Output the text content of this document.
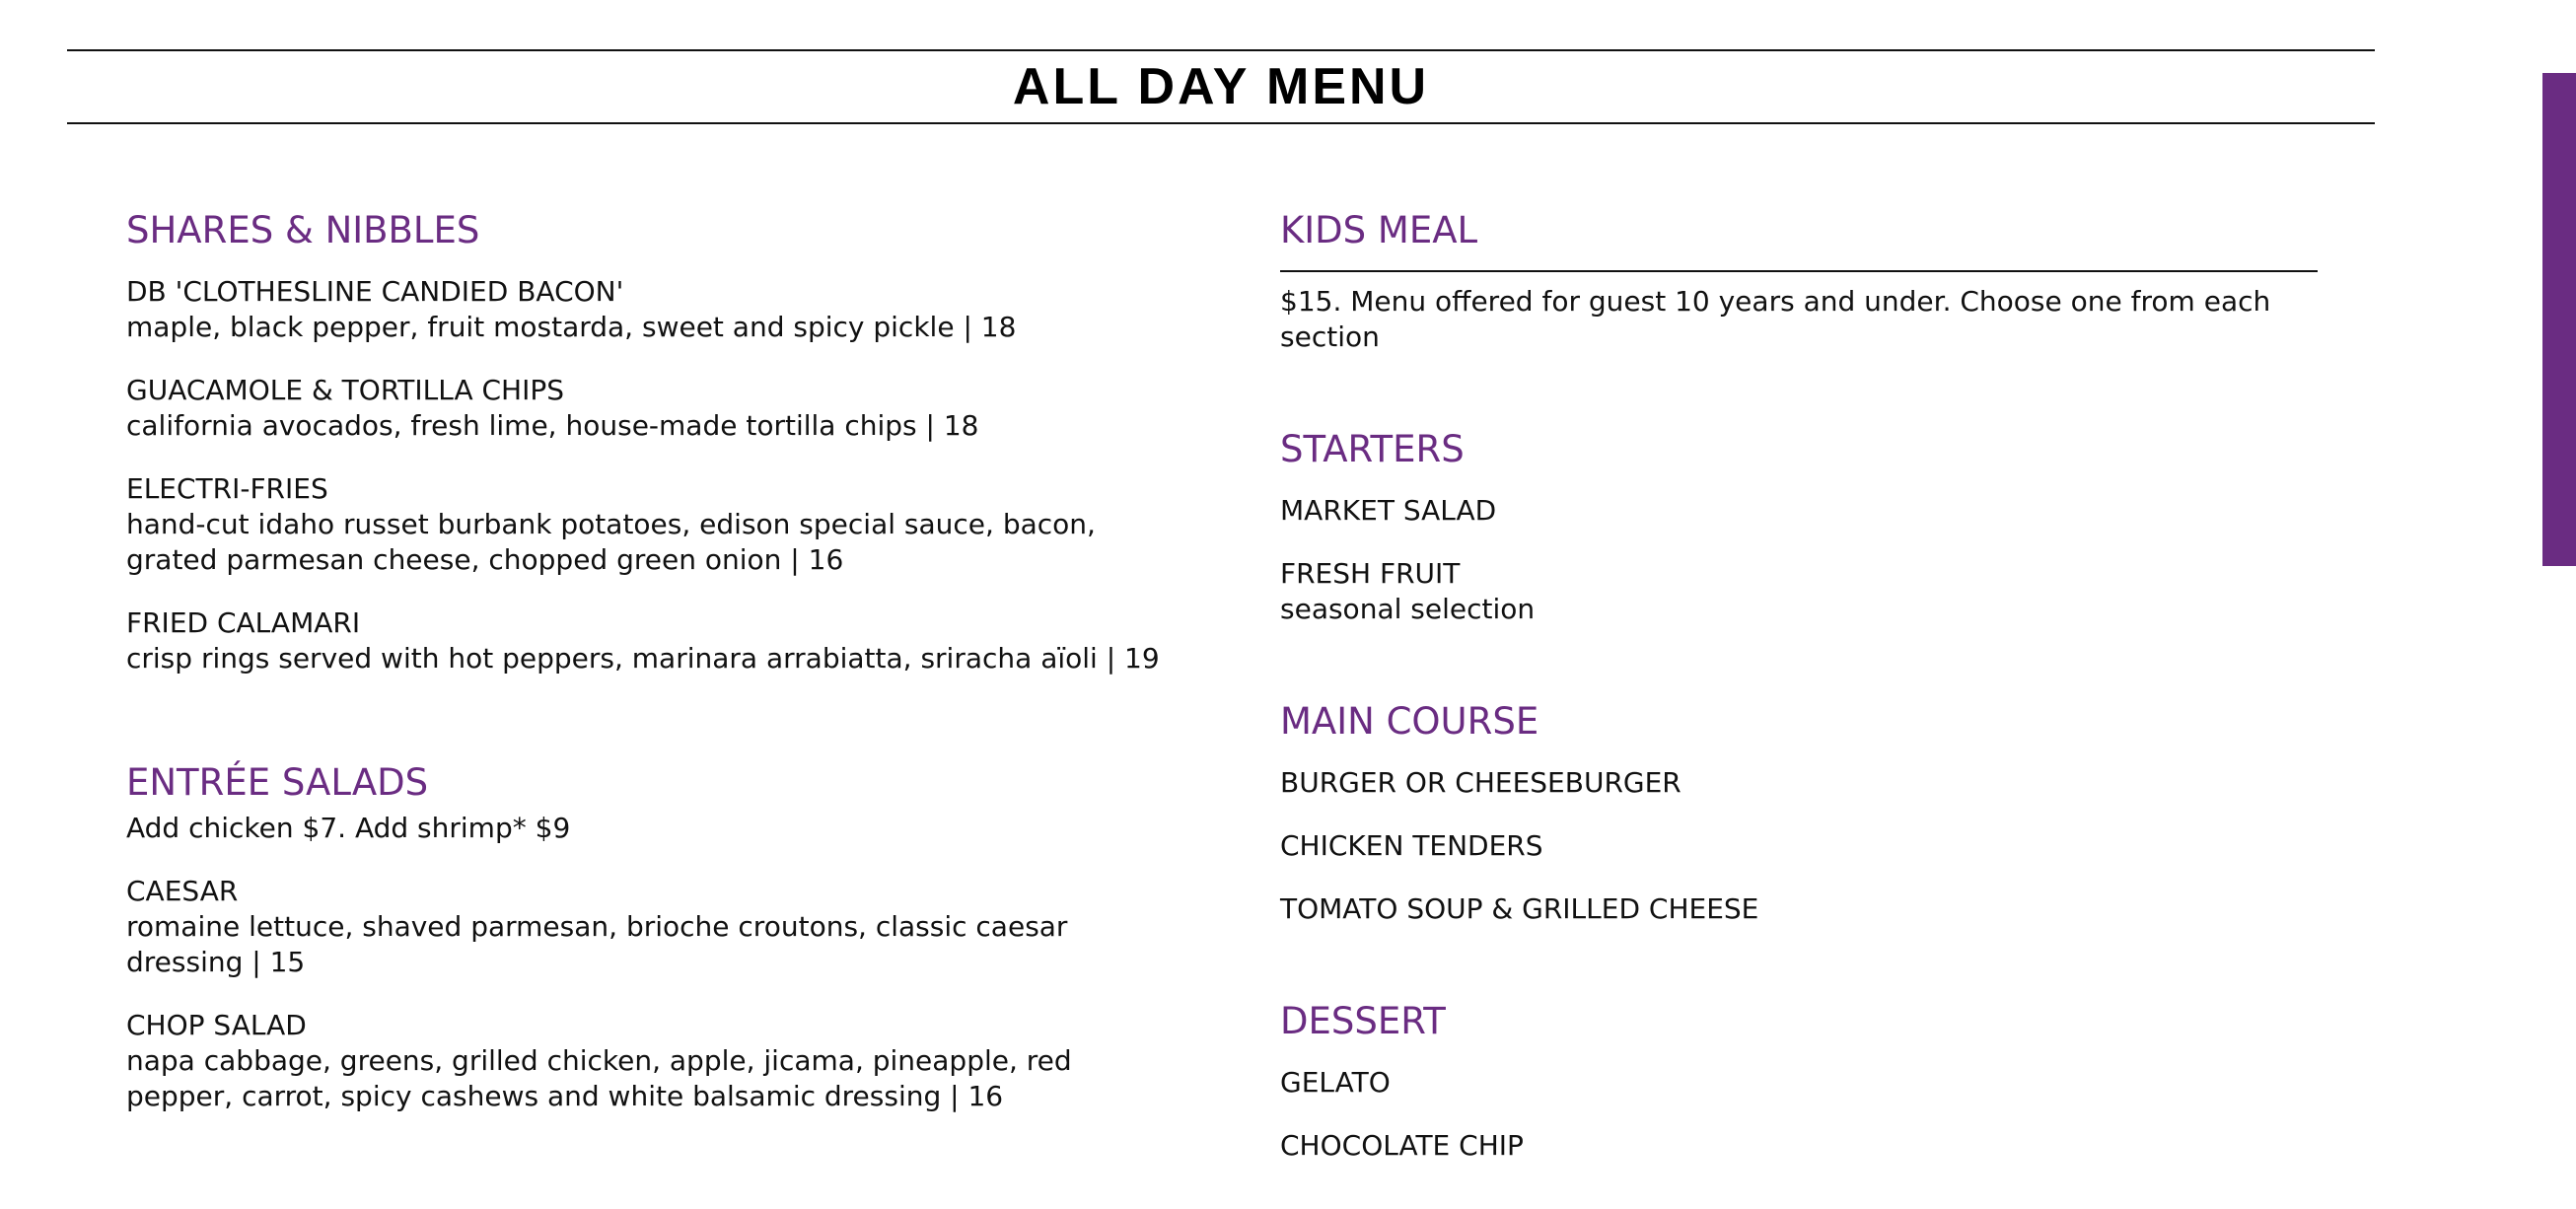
ALL DAY MENU
SHARES & NIBBLES
DB 'CLOTHESLINE CANDIED BACON'
maple, black pepper, fruit mostarda, sweet and spicy pickle | 18
GUACAMOLE & TORTILLA CHIPS
california avocados, fresh lime, house-made tortilla chips | 18
ELECTRI-FRIES
hand-cut idaho russet burbank potatoes, edison special sauce, bacon, grated parmesan cheese, chopped green onion | 16
FRIED CALAMARI
crisp rings served with hot peppers, marinara arrabiatta, sriracha aïoli | 19
ENTRÉE SALADS
Add chicken $7. Add shrimp* $9
CAESAR
romaine lettuce, shaved parmesan, brioche croutons, classic caesar dressing | 15
CHOP SALAD
napa cabbage, greens, grilled chicken, apple, jicama, pineapple, red pepper, carrot, spicy cashews and white balsamic dressing | 16
KIDS MEAL
$15. Menu offered for guest 10 years and under. Choose one from each section
STARTERS
MARKET SALAD
FRESH FRUIT
seasonal selection
MAIN COURSE
BURGER OR CHEESEBURGER
CHICKEN TENDERS
TOMATO SOUP & GRILLED CHEESE
DESSERT
GELATO
CHOCOLATE CHIP
